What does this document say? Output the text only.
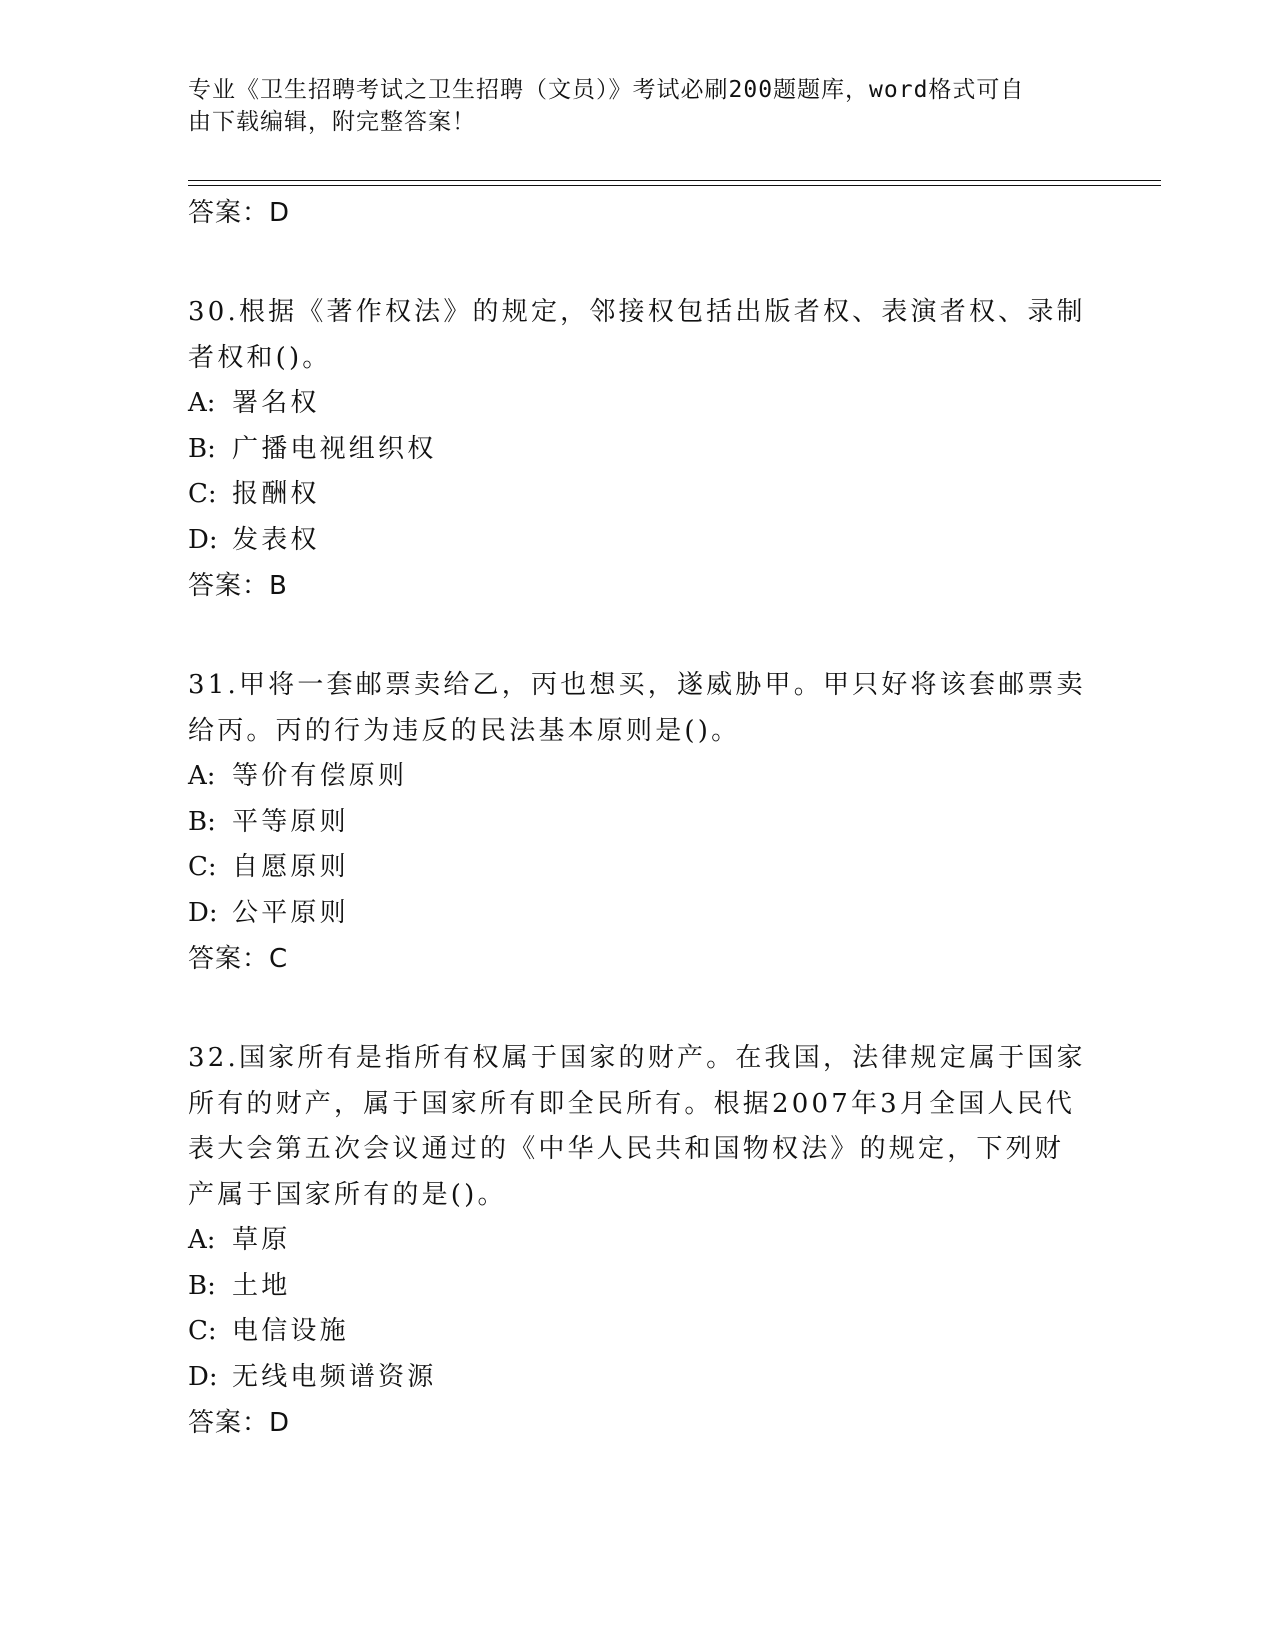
专业《卫生招聘考试之卫生招聘（文员）》考试必刷200题题库，word格式可自
由下载编辑，附完整答案！
答案：D
30.根据《著作权法》的规定，邻接权包括出版者权、表演者权、录制者权和()。
A: 署名权
B: 广播电视组织权
C: 报酬权
D: 发表权
答案：B
31.甲将一套邮票卖给乙，丙也想买，遂威胁甲。甲只好将该套邮票卖给丙。丙的行为违反的民法基本原则是()。
A: 等价有偿原则
B: 平等原则
C: 自愿原则
D: 公平原则
答案：C
32.国家所有是指所有权属于国家的财产。在我国，法律规定属于国家所有的财产，属于国家所有即全民所有。根据2007年3月全国人民代表大会第五次会议通过的《中华人民共和国物权法》的规定，下列财产属于国家所有的是()。
A: 草原
B: 土地
C: 电信设施
D: 无线电频谱资源
答案：D
